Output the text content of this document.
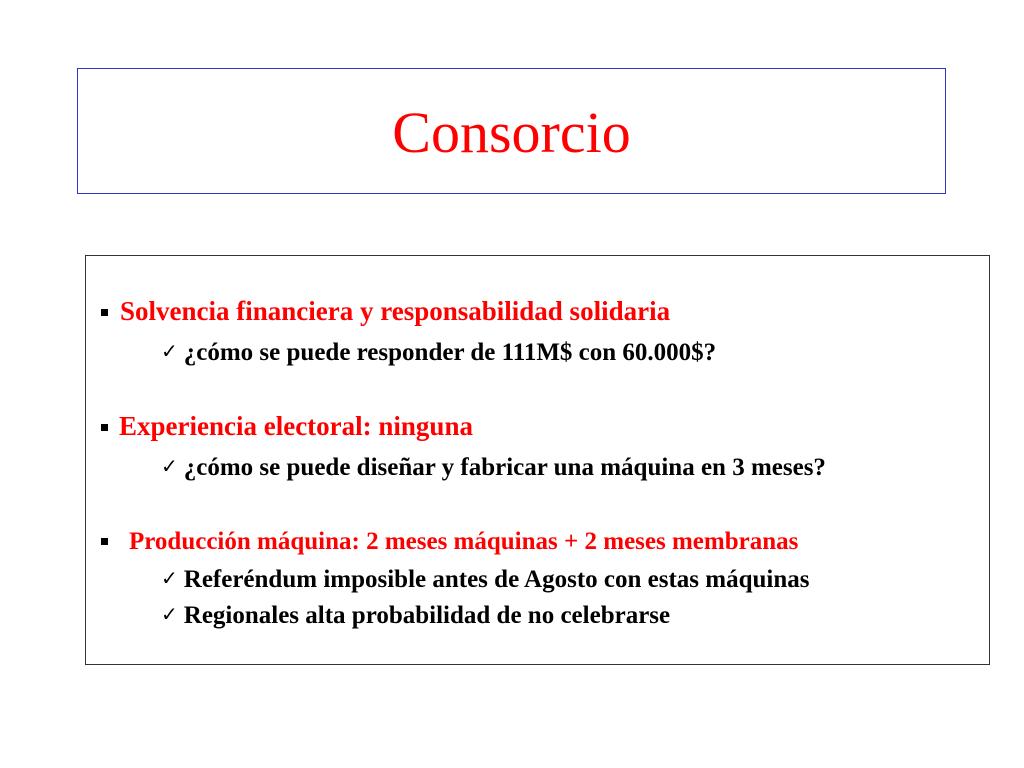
Consorcio
Solvencia financiera y responsabilidad solidaria
✓ ¿cómo se puede responder de 111M$ con 60.000$?
Experiencia electoral: ninguna
✓ ¿cómo se puede diseñar y fabricar una máquina en 3 meses?
Producción máquina: 2 meses máquinas + 2 meses membranas
✓ Referéndum imposible antes de Agosto con estas máquinas
✓ Regionales alta probabilidad de no celebrarse
